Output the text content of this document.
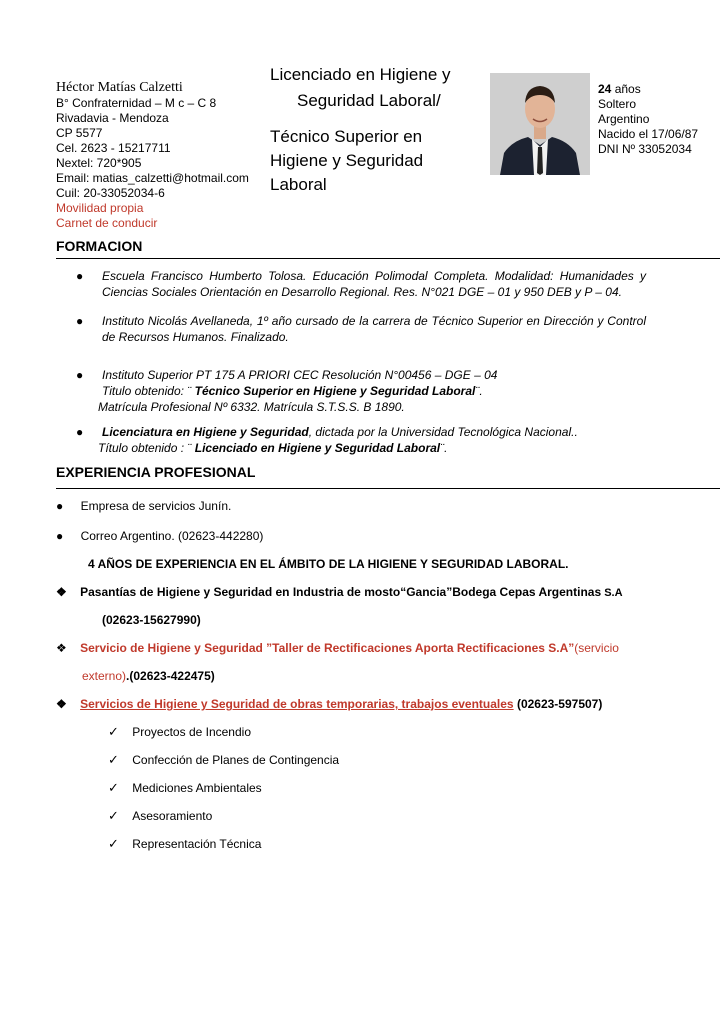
Héctor Matías Calzetti
B° Confraternidad – M c – C 8
Rivadavia - Mendoza
CP 5577
Cel. 2623 - 15217711
Nextel: 720*905
Email: matias_calzetti@hotmail.com
Cuil: 20-33052034-6
Movilidad propia
Carnet de conducir
Licenciado en Higiene y
Seguridad Laboral/
Técnico Superior en
Higiene y Seguridad
Laboral
24 años
Soltero
Argentino
Nacido el 17/06/87
DNI Nº 33052034
FORMACION
● Escuela Francisco Humberto Tolosa. Educación Polimodal Completa. Modalidad: Humanidades y Ciencias Sociales Orientación en Desarrollo Regional. Res. N°021 DGE – 01 y 950 DEB y P – 04.
● Instituto Nicolás Avellaneda, 1º año cursado de la carrera de Técnico Superior en Dirección y Control de Recursos Humanos. Finalizado.
● Instituto Superior PT 175 A PRIORI CEC Resolución N°00456 – DGE – 04
Titulo obtenido: ¨ Técnico Superior en Higiene y Seguridad Laboral¨.
Matrícula Profesional Nº 6332. Matrícula S.T.S.S. B 1890.
● Licenciatura en Higiene y Seguridad, dictada por la Universidad Tecnológica Nacional..
Título obtenido : ¨ Licenciado en Higiene y Seguridad Laboral¨.
EXPERIENCIA PROFESIONAL
● Empresa de servicios Junín.
● Correo Argentino. (02623-442280)
4 AÑOS DE EXPERIENCIA EN EL ÁMBITO DE LA HIGIENE Y SEGURIDAD LABORAL.
❖ Pasantías de Higiene y Seguridad en Industria de mosto“Gancia”Bodega Cepas Argentinas S.A
(02623-15627990)
❖ Servicio de Higiene y Seguridad ”Taller de Rectificaciones Aporta Rectificaciones S.A”(servicio
externo).(02623-422475)
❖ Servicios de Higiene y Seguridad de obras temporarias, trabajos eventuales (02623-597507)
✓ Proyectos de Incendio
✓ Confección de Planes de Contingencia
✓ Mediciones Ambientales
✓ Asesoramiento
✓ Representación Técnica
